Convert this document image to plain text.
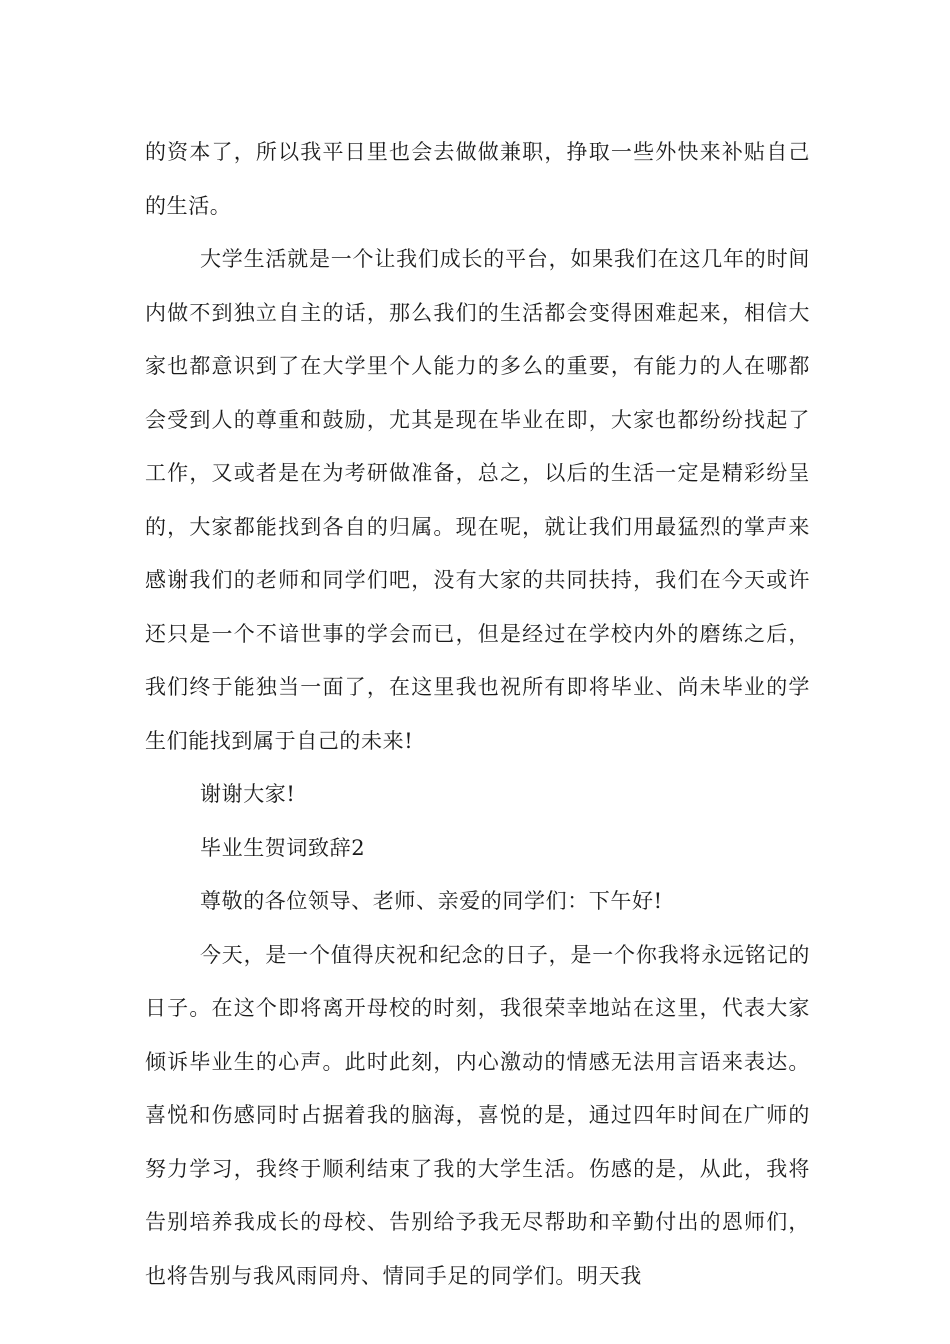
的资本了，所以我平日里也会去做做兼职，挣取一些外快来补贴自己的生活。

大学生活就是一个让我们成长的平台，如果我们在这几年的时间内做不到独立自主的话，那么我们的生活都会变得困难起来，相信大家也都意识到了在大学里个人能力的多么的重要，有能力的人在哪都会受到人的尊重和鼓励，尤其是现在毕业在即，大家也都纷纷找起了工作，又或者是在为考研做准备，总之，以后的生活一定是精彩纷呈的，大家都能找到各自的归属。现在呢，就让我们用最猛烈的掌声来感谢我们的老师和同学们吧，没有大家的共同扶持，我们在今天或许还只是一个不谙世事的学会而已，但是经过在学校内外的磨练之后，我们终于能独当一面了，在这里我也祝所有即将毕业、尚未毕业的学生们能找到属于自己的未来!

谢谢大家!

毕业生贺词致辞2

尊敬的各位领导、老师、亲爱的同学们：下午好!

今天，是一个值得庆祝和纪念的日子，是一个你我将永远铭记的日子。在这个即将离开母校的时刻，我很荣幸地站在这里，代表大家倾诉毕业生的心声。此时此刻，内心激动的情感无法用言语来表达。喜悦和伤感同时占据着我的脑海，喜悦的是，通过四年时间在广师的努力学习，我终于顺利结束了我的大学生活。伤感的是，从此，我将告别培养我成长的母校、告别给予我无尽帮助和辛勤付出的恩师们，也将告别与我风雨同舟、情同手足的同学们。明天我
